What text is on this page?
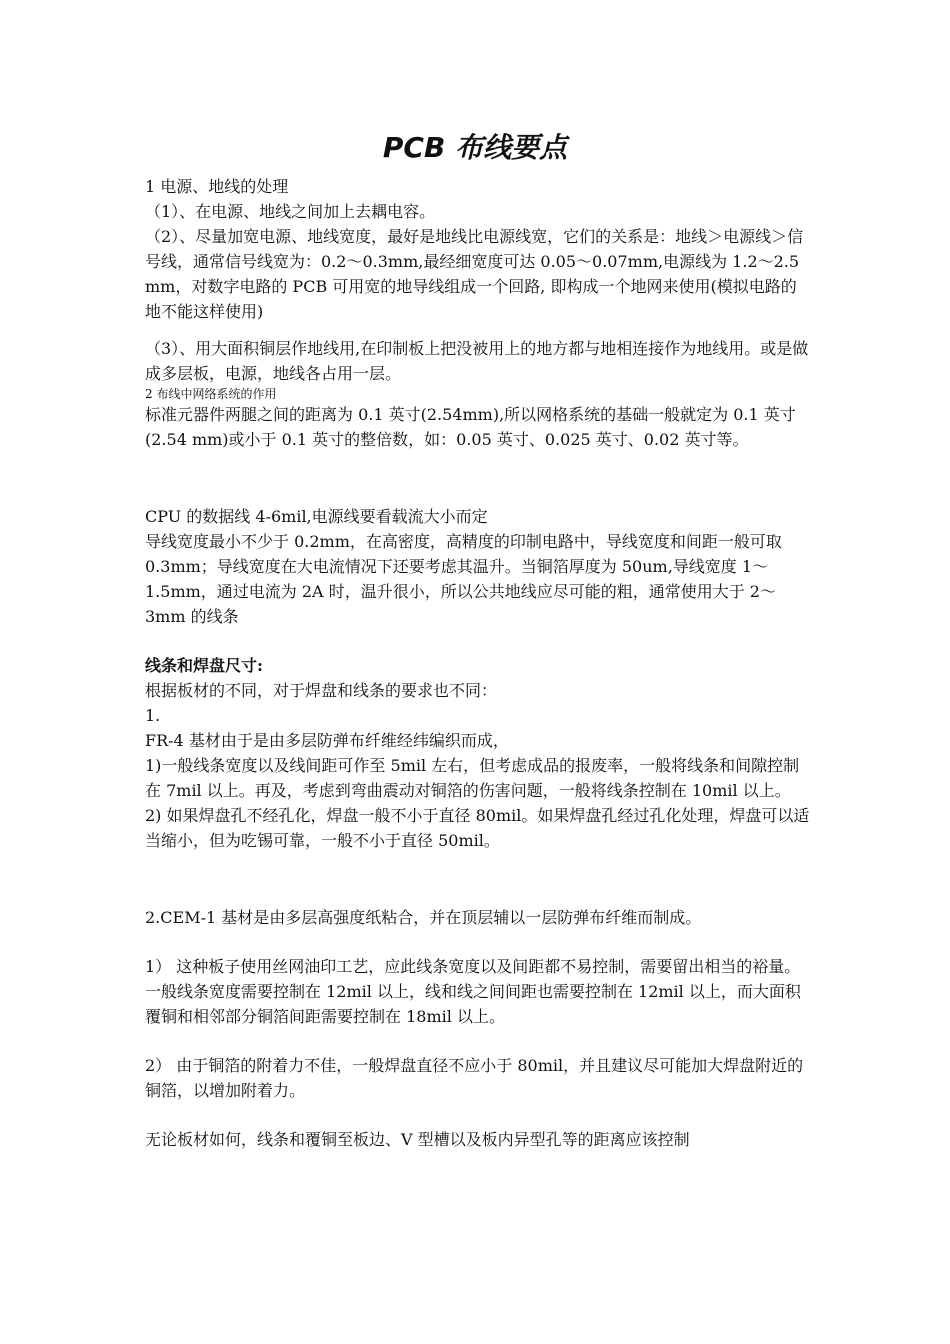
PCB 布线要点

1 电源、地线的处理

（1）、在电源、地线之间加上去耦电容。

（2）、尽量加宽电源、地线宽度，最好是地线比电源线宽，它们的关系是：地线＞电源线＞信号线，通常信号线宽为：0.2～0.3mm,最经细宽度可达 0.05～0.07mm,电源线为 1.2～2.5 mm，对数字电路的 PCB 可用宽的地导线组成一个回路, 即构成一个地网来使用(模拟电路的地不能这样使用)

（3）、用大面积铜层作地线用,在印制板上把没被用上的地方都与地相连接作为地线用。或是做成多层板，电源，地线各占用一层。

2 布线中网络系统的作用

标准元器件两腿之间的距离为 0.1 英寸(2.54mm),所以网格系统的基础一般就定为 0.1 英寸(2.54 mm)或小于 0.1 英寸的整倍数，如：0.05 英寸、0.025 英寸、0.02 英寸等。

CPU 的数据线 4-6mil,电源线要看载流大小而定

导线宽度最小不少于 0.2mm，在高密度，高精度的印制电路中，导线宽度和间距一般可取 0.3mm；导线宽度在大电流情况下还要考虑其温升。当铜箔厚度为 50um,导线宽度 1～1.5mm，通过电流为 2A 时，温升很小，所以公共地线应尽可能的粗，通常使用大于 2～3mm 的线条

线条和焊盘尺寸:

根据板材的不同，对于焊盘和线条的要求也不同：

1.

FR-4 基材由于是由多层防弹布纤维经纬编织而成，

1)一般线条宽度以及线间距可作至 5mil 左右，但考虑成品的报废率，一般将线条和间隙控制在 7mil 以上。再及，考虑到弯曲震动对铜箔的伤害问题，一般将线条控制在 10mil 以上。

2) 如果焊盘孔不经孔化，焊盘一般不小于直径 80mil。如果焊盘孔经过孔化处理，焊盘可以适当缩小，但为吃锡可靠，一般不小于直径 50mil。

2.CEM-1 基材是由多层高强度纸粘合，并在顶层辅以一层防弹布纤维而制成。

1） 这种板子使用丝网油印工艺，应此线条宽度以及间距都不易控制，需要留出相当的裕量。一般线条宽度需要控制在 12mil 以上，线和线之间间距也需要控制在 12mil 以上，而大面积覆铜和相邻部分铜箔间距需要控制在 18mil 以上。

2） 由于铜箔的附着力不佳，一般焊盘直径不应小于 80mil，并且建议尽可能加大焊盘附近的铜箔，以增加附着力。

无论板材如何，线条和覆铜至板边、V 型槽以及板内异型孔等的距离应该控制
